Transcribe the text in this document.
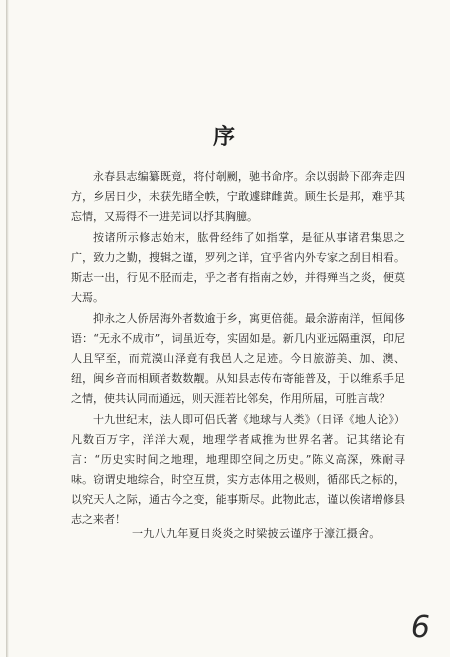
序

永春县志编纂既竟，将付剞劂，驰书命序。余以弱龄下邵奔走四方，乡居日少，未获先睹全帙，宁敢遽肆雌黄。顾生长是邦，难乎其忘情，又焉得不一进芜词以抒其胸臆。

按诸所示修志始末，肱骨经纬了如指掌，是征从事诸君集思之广，致力之勤，搜辑之谨，罗列之详，宜乎省内外专家之刮目相看。斯志一出，行见不胫而走，乎之者有指南之妙，并得殚当之炎，便莫大焉。

抑永之人侨居海外者数逾于乡，寓更倍蓰。最余游南洋，恒闻侈语：“无永不成市”，词虽近夸，实固如是。新几内亚远隔重溟，印尼人且罕至，而荒漠山泽竟有我邑人之足迹。今日旅游美、加、澳、纽，闽乡音而相顾者数数觏。从知县志传布寄能普及，于以维系手足之情，使共认同而通远，则天涯若比邻矣，作用所届，可胜言哉？

十九世纪末，法人即可侣氏著《地球与人类》（日译《地人论》）凡数百万字，洋洋大观，地理学者咸推为世界名著。记其绪论有言：“历史实时间之地理，地理即空间之历史。”陈义高深，殊耐寻味。窃谓史地综合，时空互贯，实方志体用之极则，循邵氏之标的，以究天人之际，通古今之变，能事斯尽。此物此志，谨以俟诸增修县志之来者！

一九八九年夏日炎炎之时梁披云谨序于濠江摄舍。
6
